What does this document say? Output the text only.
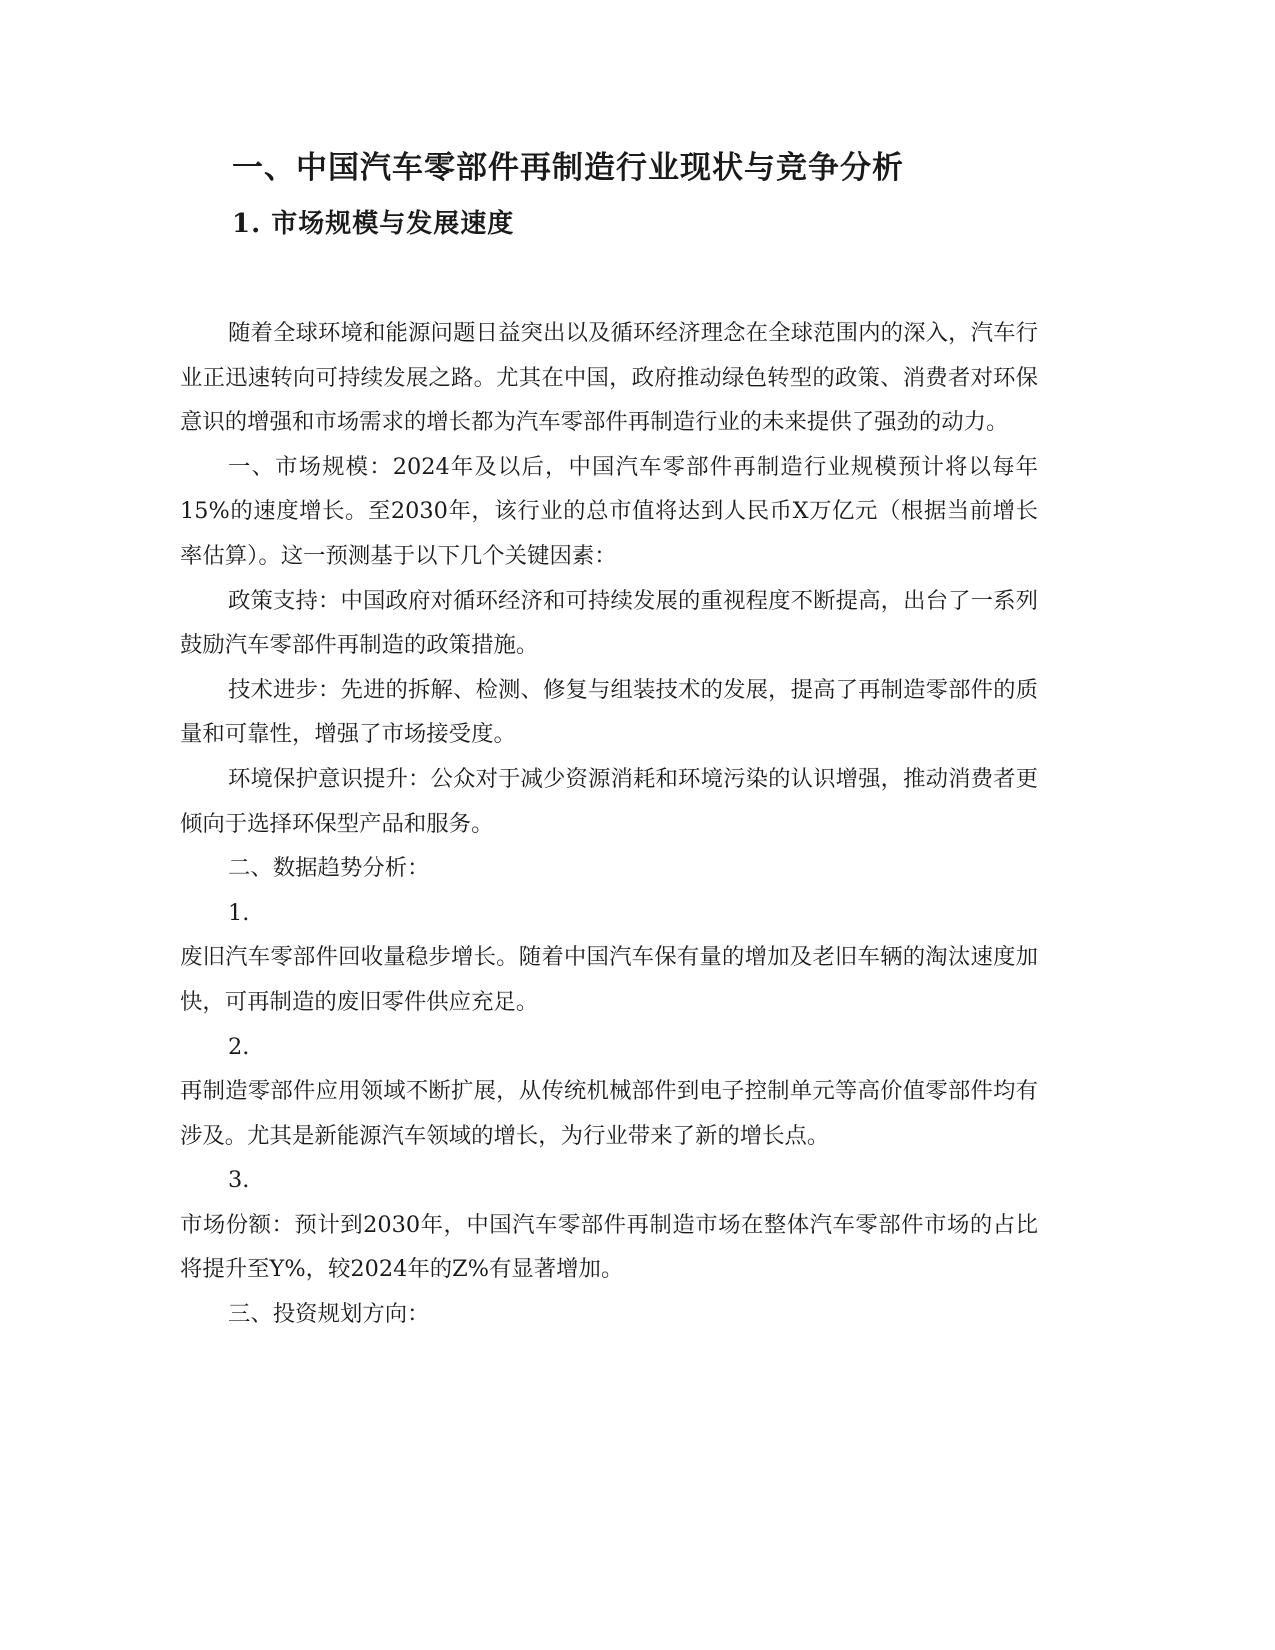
一、中国汽车零部件再制造行业现状与竞争分析
1. 市场规模与发展速度

随着全球环境和能源问题日益突出以及循环经济理念在全球范围内的深入，汽车行业正迅速转向可持续发展之路。尤其在中国，政府推动绿色转型的政策、消费者对环保意识的增强和市场需求的增长都为汽车零部件再制造行业的未来提供了强劲的动力。

一、市场规模：2024年及以后，中国汽车零部件再制造行业规模预计将以每年15%的速度增长。至2030年，该行业的总市值将达到人民币X万亿元（根据当前增长率估算）。这一预测基于以下几个关键因素：

政策支持：中国政府对循环经济和可持续发展的重视程度不断提高，出台了一系列鼓励汽车零部件再制造的政策措施。

技术进步：先进的拆解、检测、修复与组装技术的发展，提高了再制造零部件的质量和可靠性，增强了市场接受度。

环境保护意识提升：公众对于减少资源消耗和环境污染的认识增强，推动消费者更倾向于选择环保型产品和服务。

二、数据趋势分析：

1.

废旧汽车零部件回收量稳步增长。随着中国汽车保有量的增加及老旧车辆的淘汰速度加快，可再制造的废旧零件供应充足。

2.

再制造零部件应用领域不断扩展，从传统机械部件到电子控制单元等高价值零部件均有涉及。尤其是新能源汽车领域的增长，为行业带来了新的增长点。

3.

市场份额：预计到2030年，中国汽车零部件再制造市场在整体汽车零部件市场的占比将提升至Y%，较2024年的Z%有显著增加。

三、投资规划方向：
